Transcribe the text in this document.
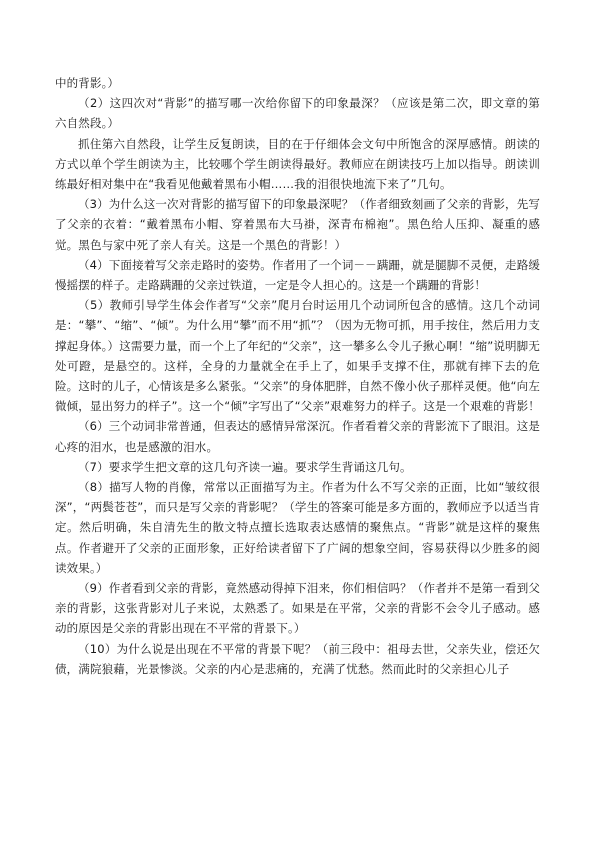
中的背影。）

（2）这四次对“背影”的描写哪一次给你留下的印象最深？（应该是第二次，即文章的第六自然段。）

抓住第六自然段，让学生反复朗读，目的在于仔细体会文句中所饱含的深厚感情。朗读的方式以单个学生朗读为主，比较哪个学生朗读得最好。教师应在朗读技巧上加以指导。朗读训练最好相对集中在“我看见他戴着黑布小帽……我的泪很快地流下来了”几句。

（3）为什么这一次对背影的描写留下的印象最深呢？（作者细致刻画了父亲的背影，先写了父亲的衣着：“戴着黑布小帽、穿着黑布大马褂，深青布棉袍”。黑色给人压抑、凝重的感觉。黑色与家中死了亲人有关。这是一个黑色的背影！）

（4）下面接着写父亲走路时的姿势。作者用了一个词－－蹒跚，就是腿脚不灵便，走路缓慢摇摆的样子。走路蹒跚的父亲过铁道，一定是令人担心的。这是一个蹒跚的背影！

（5）教师引导学生体会作者写“父亲”爬月台时运用几个动词所包含的感情。这几个动词是：“攀”、“缩”、“倾”。为什么用“攀”而不用“抓”？（因为无物可抓，用手按住，然后用力支撑起身体。）这需要力量，而一个上了年纪的“父亲”，这一攀多么令儿子揪心啊！“缩”说明脚无处可蹬，是悬空的。这样，全身的力量就全在手上了，如果手支撑不住，那就有摔下去的危险。这时的儿子，心情该是多么紧张。“父亲”的身体肥胖，自然不像小伙子那样灵便。他“向左微倾，显出努力的样子”。这一个“倾”字写出了“父亲”艰难努力的样子。这是一个艰难的背影！

（6）三个动词非常普通，但表达的感情异常深沉。作者看着父亲的背影流下了眼泪。这是心疼的泪水，也是感激的泪水。

（7）要求学生把文章的这几句齐读一遍。要求学生背诵这几句。

（8）描写人物的肖像，常常以正面描写为主。作者为什么不写父亲的正面，比如“皱纹很深”，“两鬓苍苍”，而只是写父亲的背影呢？（学生的答案可能是多方面的，教师应予以适当肯定。然后明确，朱自清先生的散文特点擅长选取表达感情的聚焦点。“背影”就是这样的聚焦点。作者避开了父亲的正面形象，正好给读者留下了广阔的想象空间，容易获得以少胜多的阅读效果。）

（9）作者看到父亲的背影，竟然感动得掉下泪来，你们相信吗？（作者并不是第一看到父亲的背影，这张背影对儿子来说，太熟悉了。如果是在平常，父亲的背影不会令儿子感动。感动的原因是父亲的背影出现在不平常的背景下。）

（10）为什么说是出现在不平常的背景下呢？（前三段中：祖母去世，父亲失业，偿还欠债，满院狼藉，光景惨淡。父亲的内心是悲痛的，充满了忧愁。然而此时的父亲担心儿子
